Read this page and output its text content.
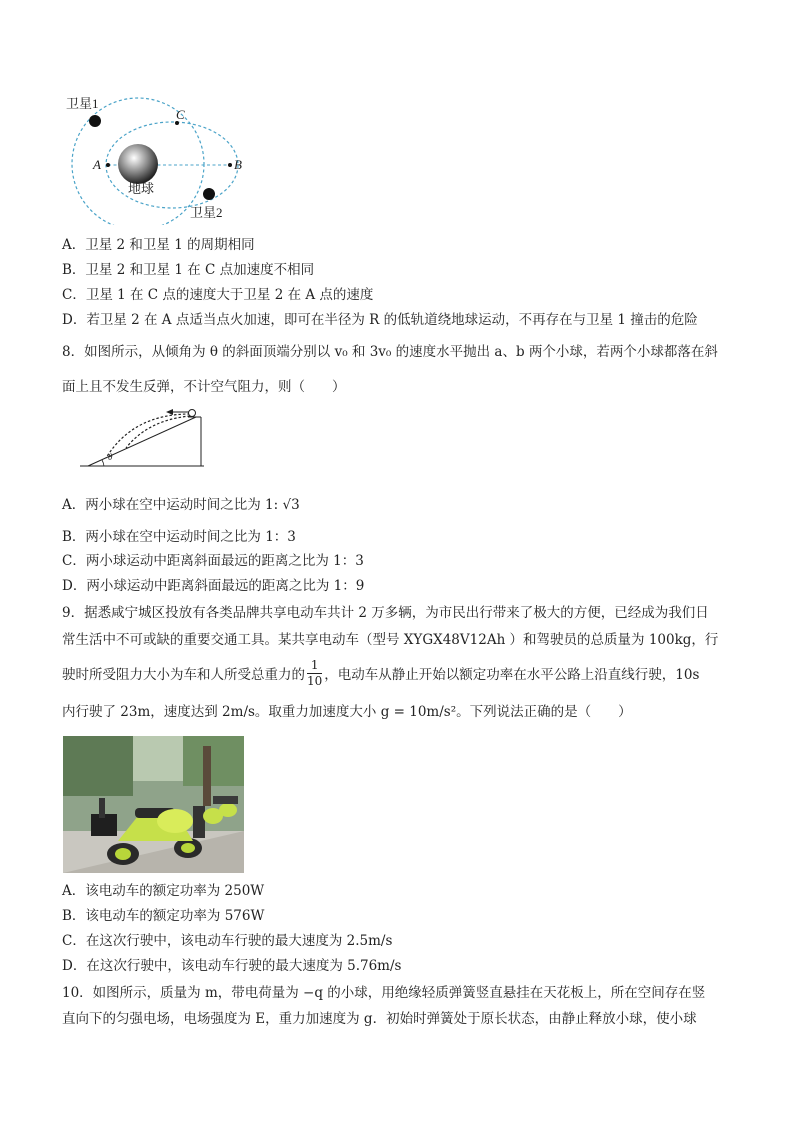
卫星1
C
A	B
地球
卫星2
A．卫星 2 和卫星 1 的周期相同
B．卫星 2 和卫星 1 在 C 点加速度不相同
C．卫星 1 在 C 点的速度大于卫星 2 在 A 点的速度
D．若卫星 2 在 A 点适当点火加速，即可在半径为 R 的低轨道绕地球运动，不再存在与卫星 1 撞击的危险
8．如图所示，从倾角为 θ 的斜面顶端分别以 v₀ 和 3v₀ 的速度水平抛出 a、b 两个小球，若两个小球都落在斜
面上且不发生反弹，不计空气阻力，则（　　）
θ
A．两小球在空中运动时间之比为 1: √3
B．两小球在空中运动时间之比为 1：3
C．两小球运动中距离斜面最远的距离之比为 1：3
D．两小球运动中距离斜面最远的距离之比为 1：9
9．据悉咸宁城区投放有各类品牌共享电动车共计 2 万多辆，为市民出行带来了极大的方便，已经成为我们日
常生活中不可或缺的重要交通工具。某共享电动车（型号 XYGX48V12Ah ）和驾驶员的总质量为 100kg，行
驶时所受阻力大小为车和人所受总重力的 $\frac{1}{10}$ ，电动车从静止开始以额定功率在水平公路上沿直线行驶，10s
内行驶了 23m，速度达到 2m/s。取重力加速度大小 g = 10m/s²。下列说法正确的是（　　）
A．该电动车的额定功率为 250W
B．该电动车的额定功率为 576W
C．在这次行驶中，该电动车行驶的最大速度为 2.5m/s
D．在这次行驶中，该电动车行驶的最大速度为 5.76m/s
10．如图所示，质量为 m，带电荷量为 −q 的小球，用绝缘轻质弹簧竖直悬挂在天花板上，所在空间存在竖
直向下的匀强电场，电场强度为 E，重力加速度为 g．初始时弹簧处于原长状态，由静止释放小球，使小球
